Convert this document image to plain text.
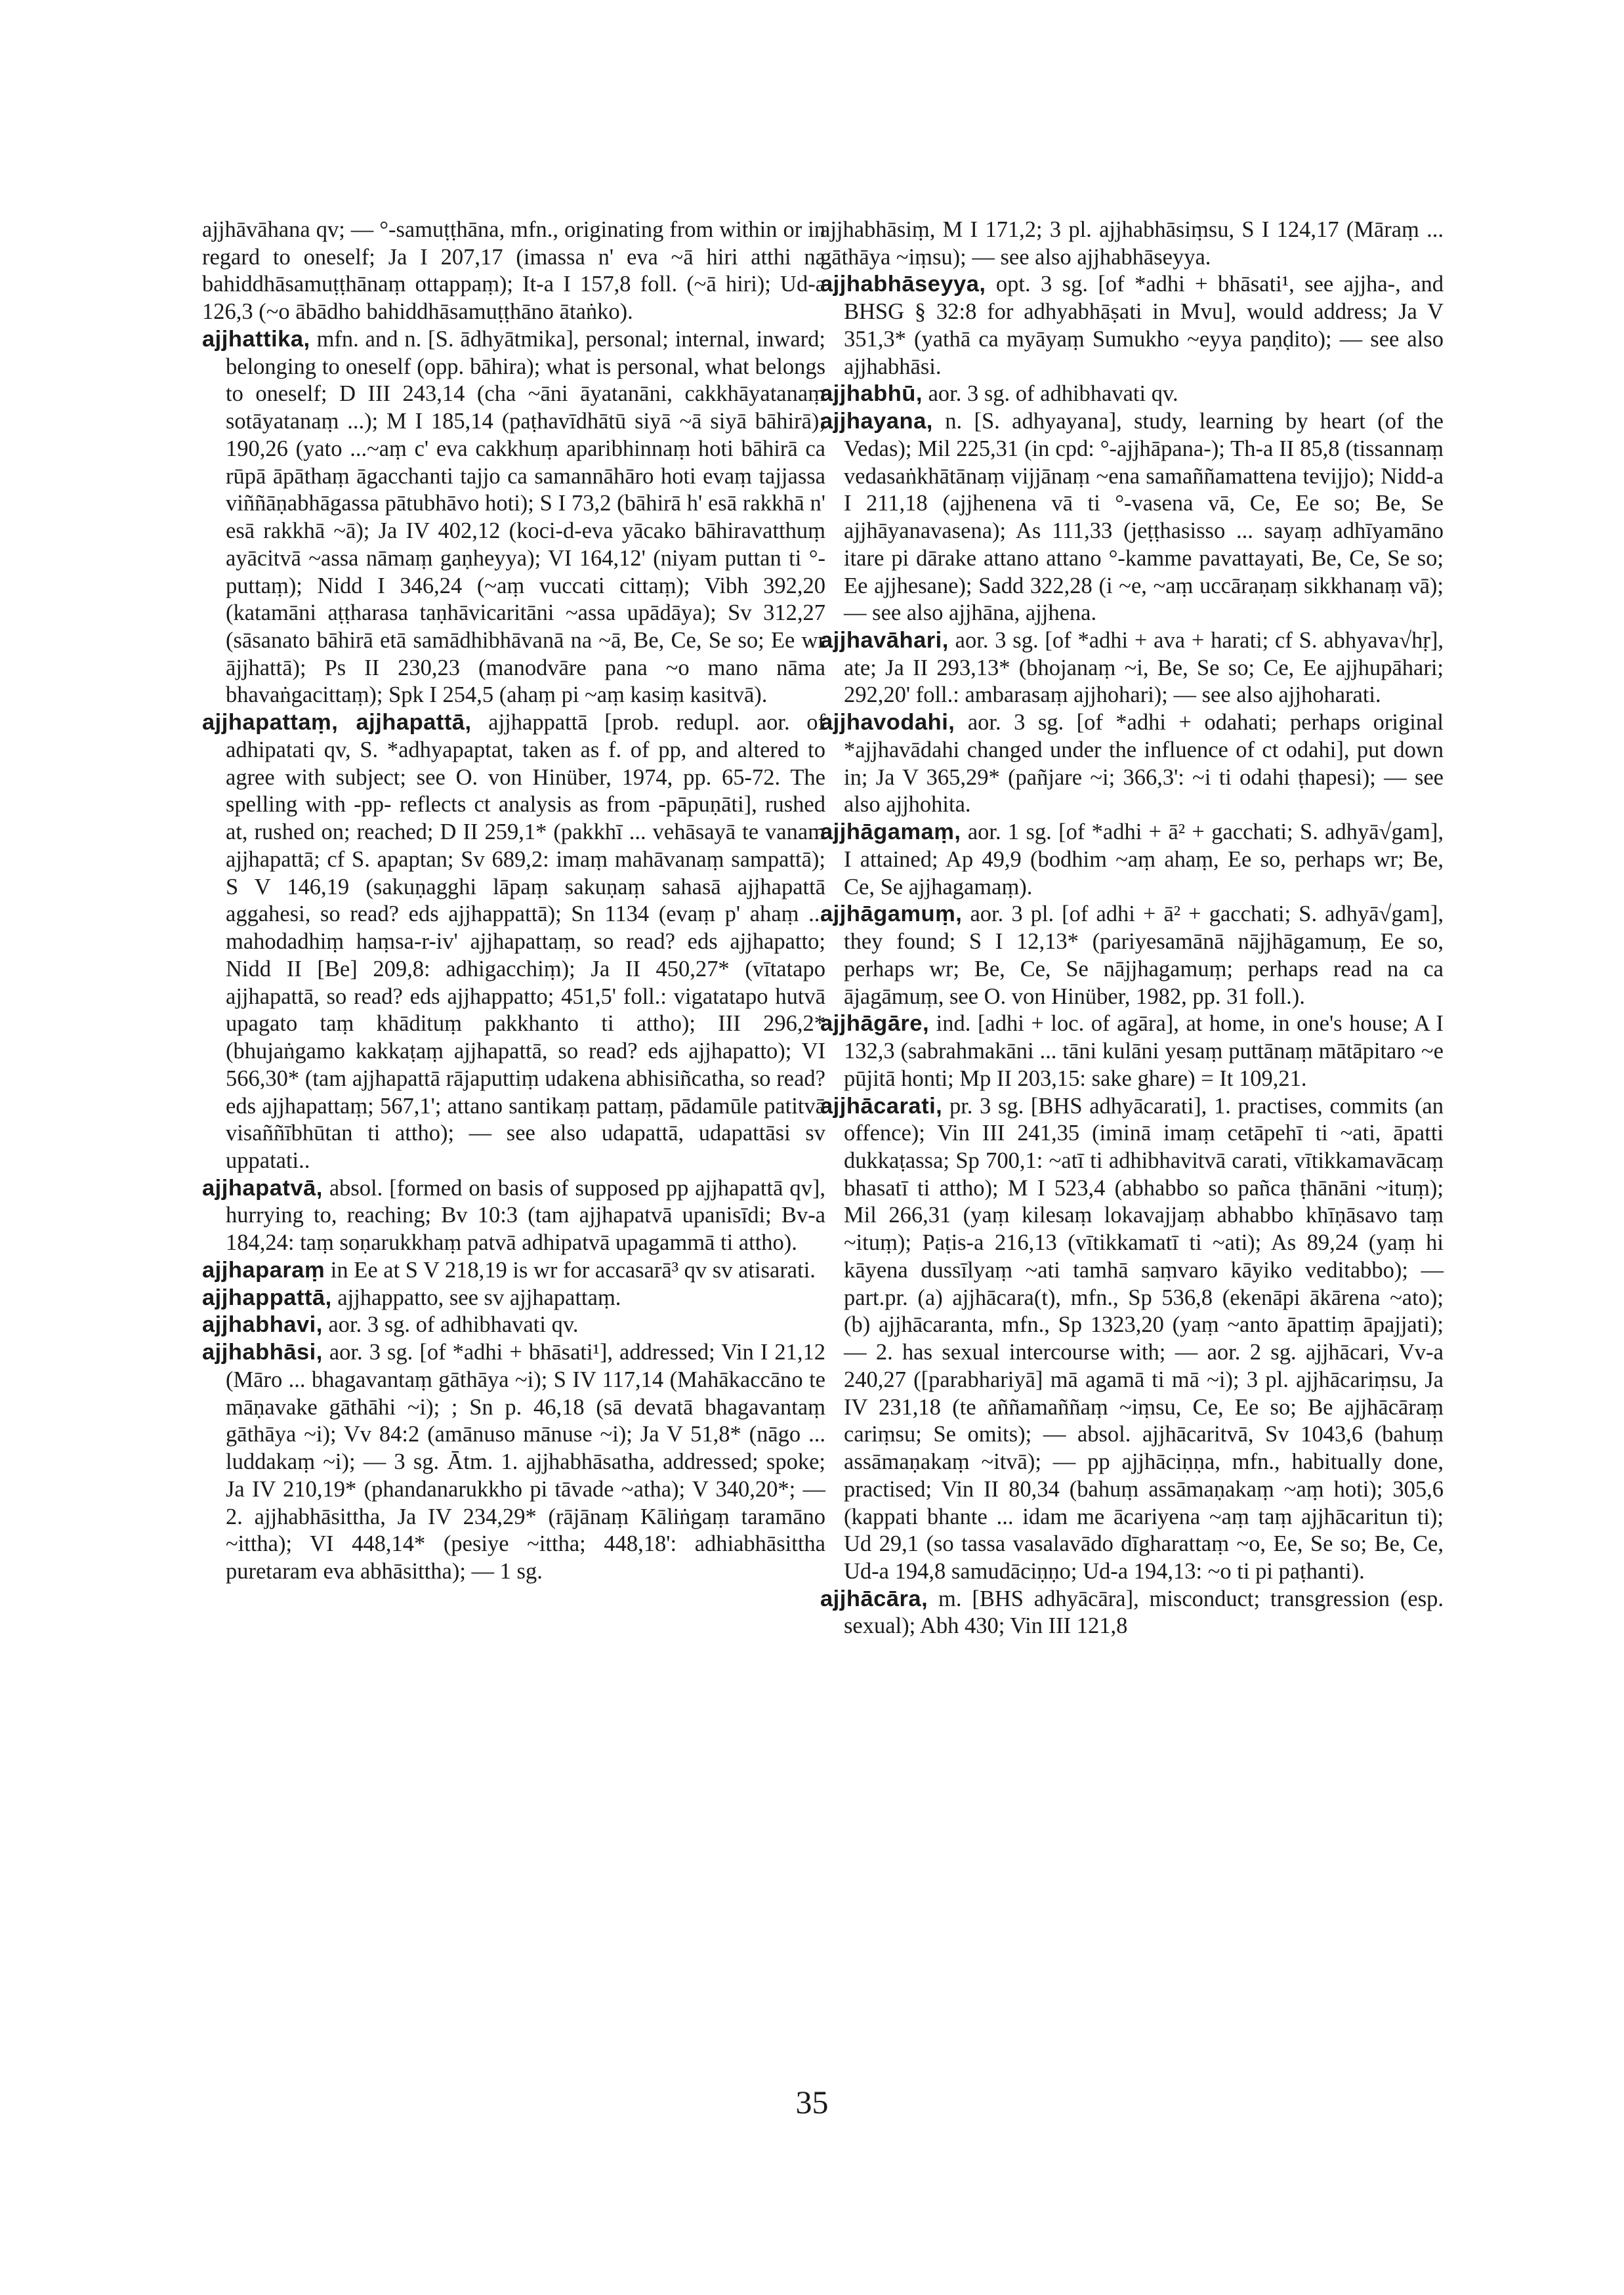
ajjhāvāhana qv; — °-samuṭṭhāna, mfn., originating from within or in regard to oneself; Ja I 207,17 (imassa n' eva ~ā hiri atthi na bahiddhāsamuṭṭhānaṃ ottappaṃ); It-a I 157,8 foll. (~ā hiri); Ud-a 126,3 (~o ābādho bahiddhāsamuṭṭhāno ātaṅko).

ajjhattika, mfn. and n. [S. ādhyātmika], personal; internal, inward; belonging to oneself (opp. bāhira); what is personal, what belongs to oneself; D III 243,14 (cha ~āni āyatanāni, cakkhāyatanaṃ sotāyatanaṃ ...); M I 185,14 (paṭhavīdhātū siyā ~ā siyā bāhirā); 190,26 (yato ...~aṃ c' eva cakkhuṃ aparibhinnaṃ hoti bāhirā ca rūpā āpāthaṃ āgacchanti tajjo ca samannāhāro hoti evaṃ tajjassa viññāṇabhāgassa pātubhāvo hoti); S I 73,2 (bāhirā h' esā rakkhā n' esā rakkhā ~ā); Ja IV 402,12 (koci-d-eva yācako bāhiravatthuṃ ayācitvā ~assa nāmaṃ gaṇheyya); VI 164,12' (niyam puttan ti °-puttaṃ); Nidd I 346,24 (~aṃ vuccati cittaṃ); Vibh 392,20 (katamāni aṭṭharasa taṇhāvicaritāni ~assa upādāya); Sv 312,27 (sāsanato bāhirā etā samādhibhāvanā na ~ā, Be, Ce, Se so; Ee wr ājjhattā); Ps II 230,23 (manodvāre pana ~o mano nāma bhavaṅgacittaṃ); Spk I 254,5 (ahaṃ pi ~aṃ kasiṃ kasitvā).
ajjhapattaṃ, ajjhapattā, ajjhappattā [prob. redupl. aor. of adhipatati qv, S. *adhyapaptat, taken as f. of pp, and altered to agree with subject; see O. von Hinüber, 1974, pp. 65-72. The spelling with -pp- reflects ct analysis as from -pāpuṇāti], rushed at, rushed on; reached; D II 259,1* (pakkhī ... vehāsayā te vanam ajjhapattā; cf S. apaptan; Sv 689,2: imaṃ mahāvanaṃ sampattā); S V 146,19 (sakuṇagghi lāpaṃ sakuṇaṃ sahasā ajjhapattā aggahesi, so read? eds ajjhappattā); Sn 1134 (evaṃ p' ahaṃ ... mahodadhiṃ haṃsa-r-iv' ajjhapattaṃ, so read? eds ajjhapatto; Nidd II [Be] 209,8: adhigacchiṃ); Ja II 450,27* (vītatapo ajjhapattā, so read? eds ajjhappatto; 451,5' foll.: vigatatapo hutvā upagato taṃ khādituṃ pakkhanto ti attho); III 296,2* (bhujaṅgamo kakkaṭaṃ ajjhapattā, so read? eds ajjhapatto); VI 566,30* (tam ajjhapattā rājaputtiṃ udakena abhisiñcatha, so read? eds ajjhapattaṃ; 567,1'; attano santikaṃ pattaṃ, pādamūle patitvā visaññībhūtan ti attho); — see also udapattā, udapattāsi sv uppatati..
ajjhapatvā, absol. [formed on basis of supposed pp ajjhapattā qv], hurrying to, reaching; Bv 10:3 (tam ajjhapatvā upanisīdi; Bv-a 184,24: taṃ soṇarukkhaṃ patvā adhipatvā upagammā ti attho).
ajjhaparaṃ in Ee at S V 218,19 is wr for accasarā³ qv sv atisarati.
ajjhappattā, ajjhappatto, see sv ajjhapattaṃ.
ajjhabhavi, aor. 3 sg. of adhibhavati qv.
ajjhabhāsi, aor. 3 sg. [of *adhi + bhāsati¹], addressed; Vin I 21,12 (Māro ... bhagavantaṃ gāthāya ~i); S IV 117,14 (Mahākaccāno te māṇavake gāthāhi ~i); ; Sn p. 46,18 (sā devatā bhagavantaṃ gāthāya ~i); Vv 84:2 (amānuso mānuse ~i); Ja V 51,8* (nāgo ... luddakaṃ ~i); — 3 sg. Ātm. 1. ajjhabhāsatha, addressed; spoke; Ja IV 210,19* (phandanarukkho pi tāvade ~atha); V 340,20*; — 2. ajjhabhāsittha, Ja IV 234,29* (rājānaṃ Kāliṅgaṃ taramāno ~ittha); VI 448,14* (pesiye ~ittha; 448,18': adhiabhāsittha puretaram eva abhāsittha); — 1 sg.

ajjhabhāsiṃ, M I 171,2; 3 pl. ajjhabhāsiṃsu, S I 124,17 (Māraṃ ... gāthāya ~iṃsu); — see also ajjhabhāseyya.

ajjhabhāseyya, opt. 3 sg. [of *adhi + bhāsati¹, see ajjha-, and BHSG § 32:8 for adhyabhāṣati in Mvu], would address; Ja V 351,3* (yathā ca myāyaṃ Sumukho ~eyya paṇḍito); — see also ajjhabhāsi.
ajjhabhū, aor. 3 sg. of adhibhavati qv.
ajjhayana, n. [S. adhyayana], study, learning by heart (of the Vedas); Mil 225,31 (in cpd: °-ajjhāpana-); Th-a II 85,8 (tissannaṃ vedasaṅkhātānaṃ vijjānaṃ ~ena samaññamattena tevijjo); Nidd-a I 211,18 (ajjhenena vā ti °-vasena vā, Ce, Ee so; Be, Se ajjhāyanavasena); As 111,33 (jeṭṭhasisso ... sayaṃ adhīyamāno itare pi dārake attano attano °-kamme pavattayati, Be, Ce, Se so; Ee ajjhesane); Sadd 322,28 (i ~e, ~aṃ uccāraṇaṃ sikkhanaṃ vā); — see also ajjhāna, ajjhena.
ajjhavāhari, aor. 3 sg. [of *adhi + ava + harati; cf S. abhyava√hṛ], ate; Ja II 293,13* (bhojanaṃ ~i, Be, Se so; Ce, Ee ajjhupāhari; 292,20' foll.: ambarasaṃ ajjhohari); — see also ajjhoharati.
ajjhavodahi, aor. 3 sg. [of *adhi + odahati; perhaps original *ajjhavādahi changed under the influence of ct odahi], put down in; Ja V 365,29* (pañjare ~i; 366,3': ~i ti odahi ṭhapesi); — see also ajjhohita.
ajjhāgamaṃ, aor. 1 sg. [of *adhi + ā² + gacchati; S. adhyā√gam], I attained; Ap 49,9 (bodhim ~aṃ ahaṃ, Ee so, perhaps wr; Be, Ce, Se ajjhagamaṃ).
ajjhāgamuṃ, aor. 3 pl. [of adhi + ā² + gacchati; S. adhyā√gam], they found; S I 12,13* (pariyesamānā nājjhāgamuṃ, Ee so, perhaps wr; Be, Ce, Se nājjhagamuṃ; perhaps read na ca ājagāmuṃ, see O. von Hinüber, 1982, pp. 31 foll.).
ajjhāgāre, ind. [adhi + loc. of agāra], at home, in one's house; A I 132,3 (sabrahmakāni ... tāni kulāni yesaṃ puttānaṃ mātāpitaro ~e pūjitā honti; Mp II 203,15: sake ghare) = It 109,21.
ajjhācarati, pr. 3 sg. [BHS adhyācarati], 1. practises, commits (an offence); Vin III 241,35 (iminā imaṃ cetāpehī ti ~ati, āpatti dukkaṭassa; Sp 700,1: ~atī ti adhibhavitvā carati, vītikkamavācaṃ bhasatī ti attho); M I 523,4 (abhabbo so pañca ṭhānāni ~ituṃ); Mil 266,31 (yaṃ kilesaṃ lokavajjaṃ abhabbo khīṇāsavo taṃ ~ituṃ); Paṭis-a 216,13 (vītikkamatī ti ~ati); As 89,24 (yaṃ hi kāyena dussīlyaṃ ~ati tamhā saṃvaro kāyiko veditabbo); — part.pr. (a) ajjhācara(t), mfn., Sp 536,8 (ekenāpi ākārena ~ato); (b) ajjhācaranta, mfn., Sp 1323,20 (yaṃ ~anto āpattiṃ āpajjati); — 2. has sexual intercourse with; — aor. 2 sg. ajjhācari, Vv-a 240,27 ([parabhariyā] mā agamā ti mā ~i); 3 pl. ajjhācariṃsu, Ja IV 231,18 (te aññamaññaṃ ~iṃsu, Ce, Ee so; Be ajjhācāraṃ cariṃsu; Se omits); — absol. ajjhācaritvā, Sv 1043,6 (bahuṃ assāmaṇakaṃ ~itvā); — pp ajjhāciṇṇa, mfn., habitually done, practised; Vin II 80,34 (bahuṃ assāmaṇakaṃ ~aṃ hoti); 305,6 (kappati bhante ... idam me ācariyena ~aṃ taṃ ajjhācaritun ti); Ud 29,1 (so tassa vasalavādo dīgharattaṃ ~o, Ee, Se so; Be, Ce, Ud-a 194,8 samudāciṇṇo; Ud-a 194,13: ~o ti pi paṭhanti).
ajjhācāra, m. [BHS adhyācāra], misconduct; transgression (esp. sexual); Abh 430; Vin III 121,8
35
